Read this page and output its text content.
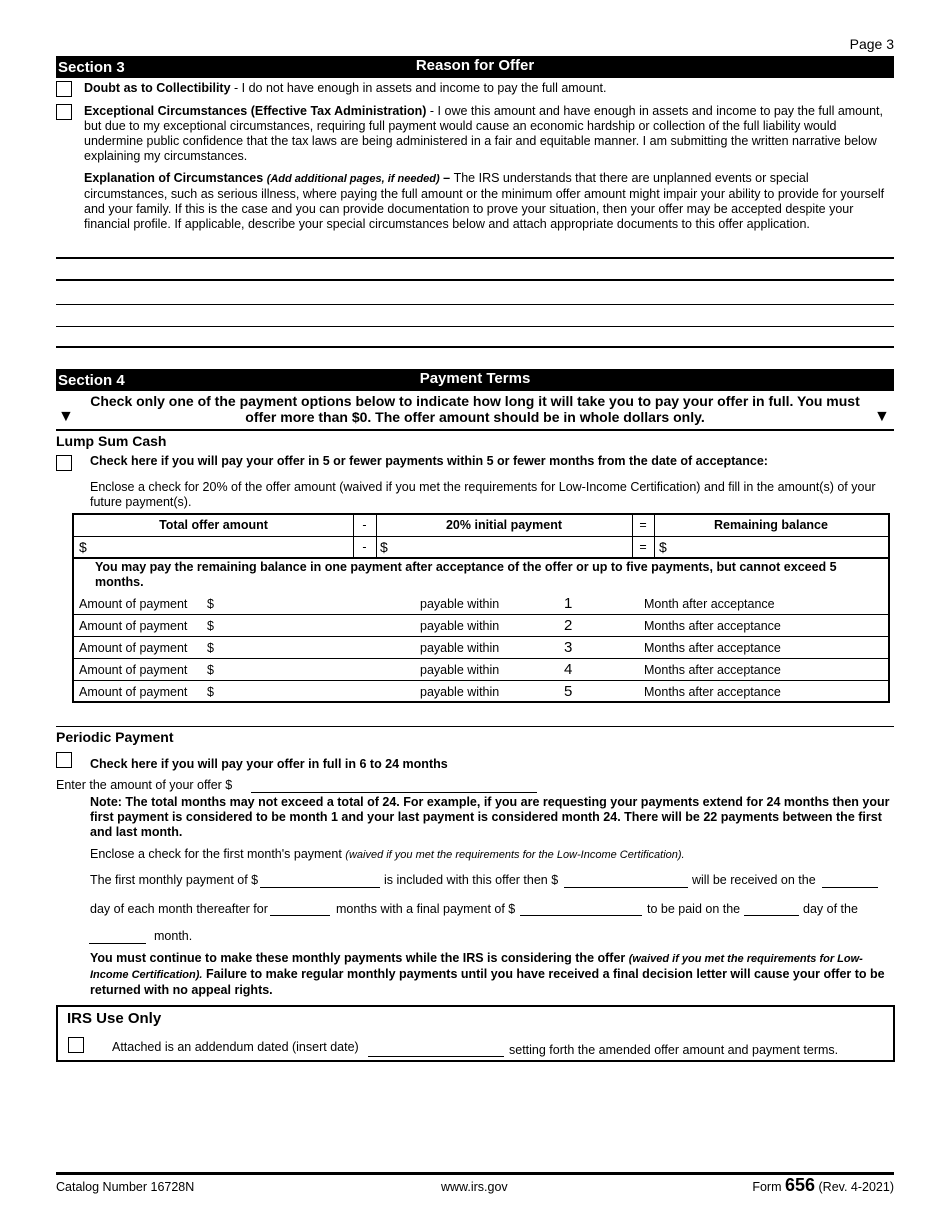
Page 3
Section 3	Reason for Offer
Doubt as to Collectibility - I do not have enough in assets and income to pay the full amount.
Exceptional Circumstances (Effective Tax Administration) - I owe this amount and have enough in assets and income to pay the full amount, but due to my exceptional circumstances, requiring full payment would cause an economic hardship or collection of the full liability would undermine public confidence that the tax laws are being administered in a fair and equitable manner. I am submitting the written narrative below explaining my circumstances.
Explanation of Circumstances (Add additional pages, if needed) – The IRS understands that there are unplanned events or special circumstances, such as serious illness, where paying the full amount or the minimum offer amount might impair your ability to provide for yourself and your family. If this is the case and you can provide documentation to prove your situation, then your offer may be accepted despite your financial profile. If applicable, describe your special circumstances below and attach appropriate documents to this offer application.
Section 4	Payment Terms
▼	▼
Check only one of the payment options below to indicate how long it will take you to pay your offer in full. You must offer more than $0. The offer amount should be in whole dollars only.
Lump Sum Cash
Check here if you will pay your offer in 5 or fewer payments within 5 or fewer months from the date of acceptance:
Enclose a check for 20% of the offer amount (waived if you met the requirements for Low-Income Certification) and fill in the amount(s) of your future payment(s).
Total offer amount	-	20% initial payment	=	Remaining balance
$	- $	= $
You may pay the remaining balance in one payment after acceptance of the offer or up to five payments, but cannot exceed 5 months.
Amount of payment $	payable within	1	Month after acceptance
Amount of payment $	payable within	2	Months after acceptance
Amount of payment $	payable within	3	Months after acceptance
Amount of payment $	payable within	4	Months after acceptance
Amount of payment $	payable within	5	Months after acceptance
Periodic Payment
Check here if you will pay your offer in full in 6 to 24 months
Enter the amount of your offer $
Note: The total months may not exceed a total of 24. For example, if you are requesting your payments extend for 24 months then your first payment is considered to be month 1 and your last payment is considered month 24. There will be 22 payments between the first and last month.
Enclose a check for the first month's payment (waived if you met the requirements for the Low-Income Certification).
The first monthly payment of $	is included with this offer then $	will be received on the
day of each month thereafter for	months with a final payment of $	to be paid on the	day of the
month.
You must continue to make these monthly payments while the IRS is considering the offer (waived if you met the requirements for Low-Income Certification). Failure to make regular monthly payments until you have received a final decision letter will cause your offer to be returned with no appeal rights.
IRS Use Only
Attached is an addendum dated (insert date)	setting forth the amended offer amount and payment terms.
Catalog Number 16728N	www.irs.gov	Form 656 (Rev. 4-2021)
